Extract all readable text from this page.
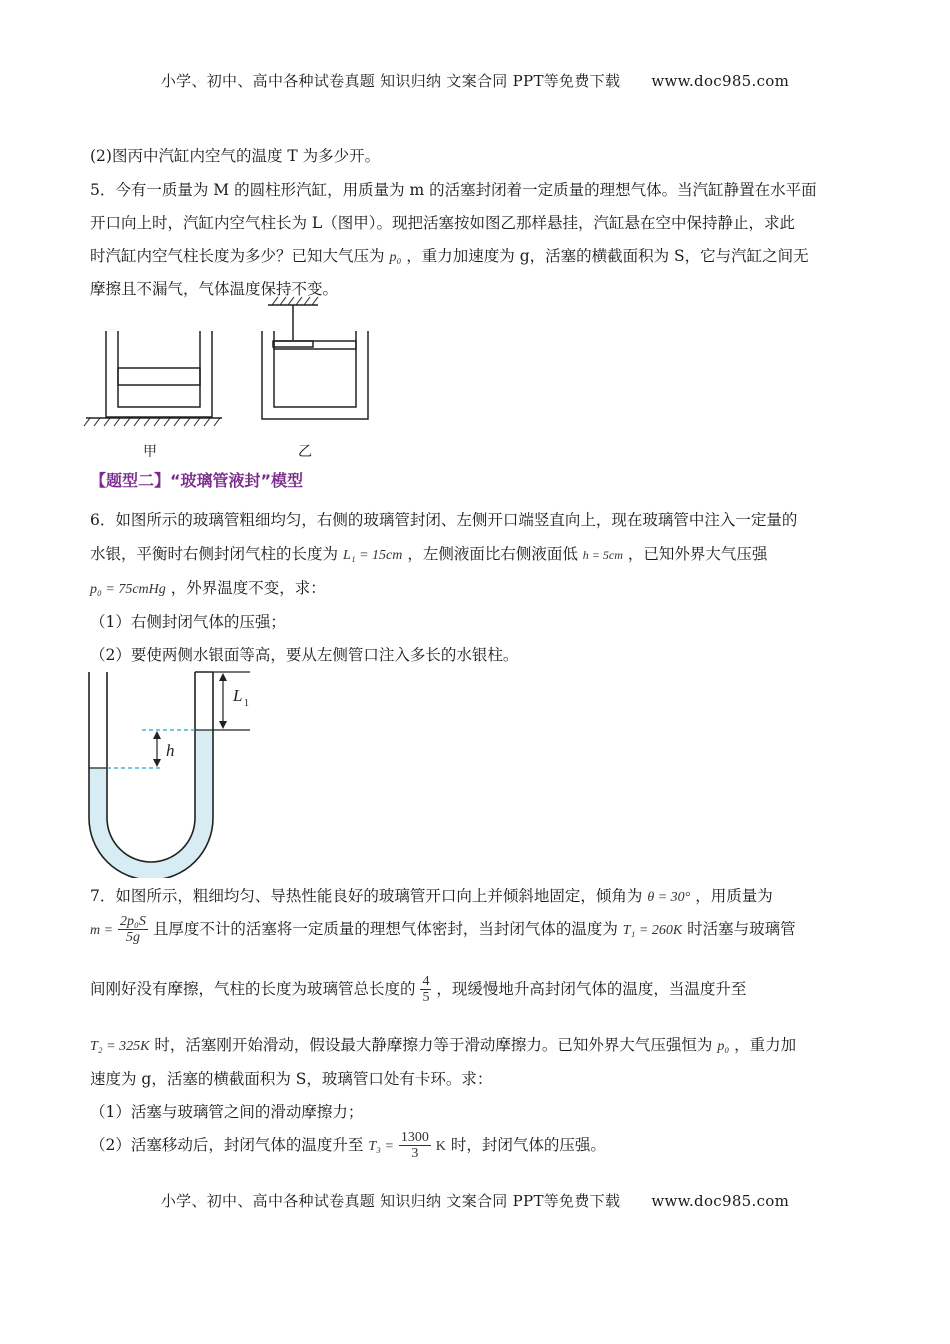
小学、初中、高中各种试卷真题 知识归纳 文案合同 PPT等免费下载 www.doc985.com
(2)图丙中汽缸内空气的温度 T 为多少开。
5．今有一质量为 M 的圆柱形汽缸，用质量为 m 的活塞封闭着一定质量的理想气体。当汽缸静置在水平面
开口向上时，汽缸内空气柱长为 L（图甲）。现把活塞按如图乙那样悬挂，汽缸悬在空中保持静止，求此
时汽缸内空气柱长度为多少？已知大气压为 p₀ ，重力加速度为 g，活塞的横截面积为 S，它与汽缸之间无
摩擦且不漏气，气体温度保持不变。
甲	乙
【题型二】“玻璃管液封”模型
6．如图所示的玻璃管粗细均匀，右侧的玻璃管封闭、左侧开口端竖直向上，现在玻璃管中注入一定量的
水银，平衡时右侧封闭气柱的长度为 L₁ = 15cm ，左侧液面比右侧液面低 h = 5cm ，已知外界大气压强
p₀ = 75cmHg ，外界温度不变，求：
（1）右侧封闭气体的压强；
（2）要使两侧水银面等高，要从左侧管口注入多长的水银柱。
h
L 1
7．如图所示，粗细均匀、导热性能良好的玻璃管开口向上并倾斜地固定，倾角为 θ = 30° ，用质量为
$m = \frac{\text{2p₀S}}{5g}$ 且厚度不计的活塞将一定质量的理想气体密封，当封闭气体的温度为 T₁ = 260K 时活塞与玻璃管
间刚好没有摩擦，气柱的长度为玻璃管总长度的 $\frac{4}{5}$ ，现缓慢地升高封闭气体的温度，当温度升至
T₂ = 325K 时，活塞刚开始滑动，假设最大静摩擦力等于滑动摩擦力。已知外界大气压强恒为 p₀ ，重力加
速度为 g，活塞的横截面积为 S，玻璃管口处有卡环。求：
（1）活塞与玻璃管之间的滑动摩擦力；
（2）活塞移动后，封闭气体的温度升至 $T_3 = \frac{1300}{3}$ K 时，封闭气体的压强。
小学、初中、高中各种试卷真题 知识归纳 文案合同 PPT等免费下载 www.doc985.com
